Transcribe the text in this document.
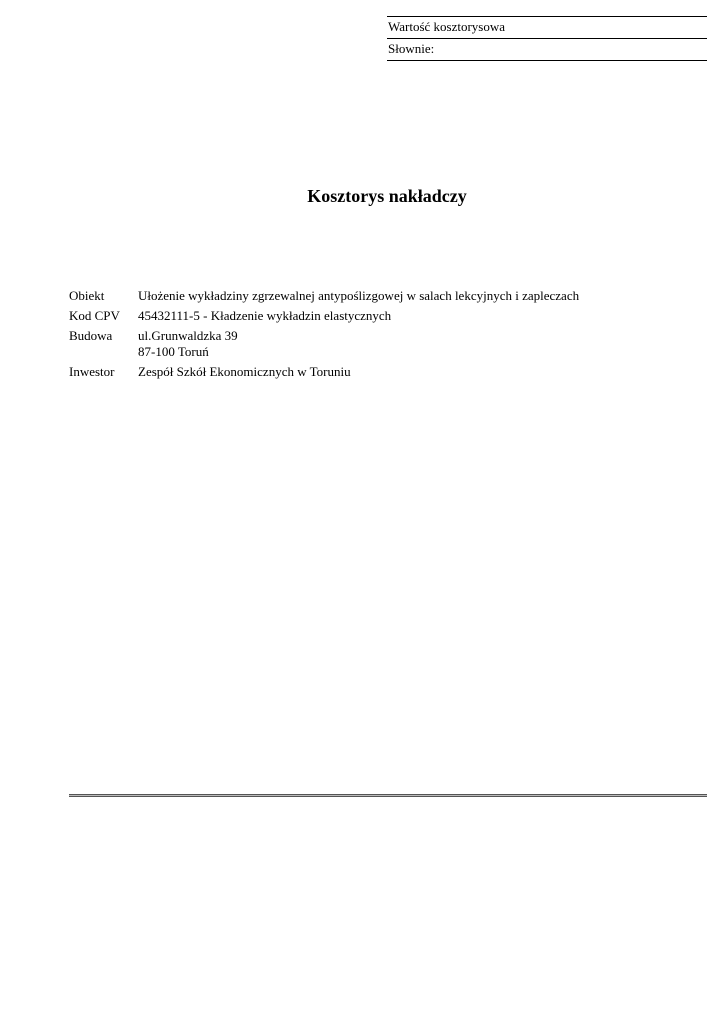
Wartość kosztorysowa
Słownie:
Kosztorys nakładczy
Obiekt	Ułożenie wykładziny zgrzewalnej antypoślizgowej w salach lekcyjnych i zapleczach
Kod CPV	45432111-5 - Kładzenie wykładzin elastycznych
Budowa	ul.Grunwaldzka 39
87-100 Toruń
Inwestor	Zespół Szkół Ekonomicznych w Toruniu
